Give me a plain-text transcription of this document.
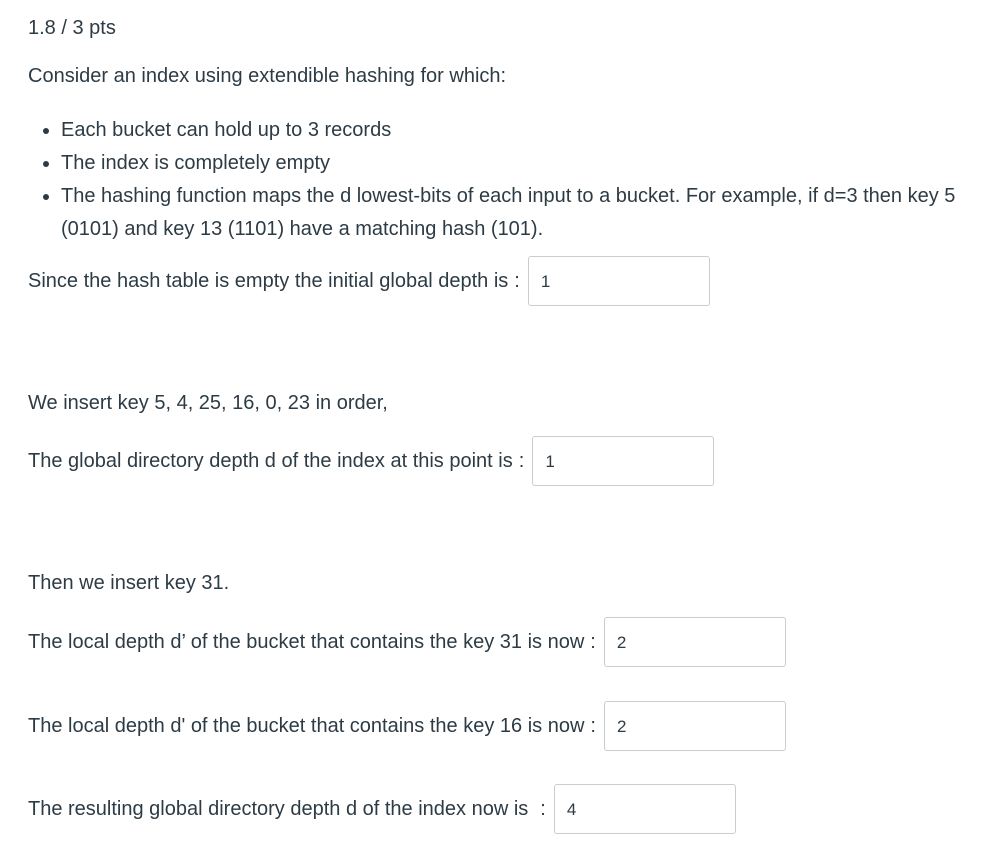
1.8 / 3 pts

Consider an index using extendible hashing for which:

• Each bucket can hold up to 3 records
• The index is completely empty
• The hashing function maps the d lowest-bits of each input to a bucket. For example, if d=3 then key 5 (0101) and key 13 (1101) have a matching hash (101).
Since the hash table is empty the initial global depth is : 1

We insert key 5, 4, 25, 16, 0, 23 in order,

The global directory depth d of the index at this point is : 1

Then we insert key 31.

The local depth d’ of the bucket that contains the key 31 is now : 2
The local depth d' of the bucket that contains the key 16 is now : 2
The resulting global directory depth d of the index now is : 4
